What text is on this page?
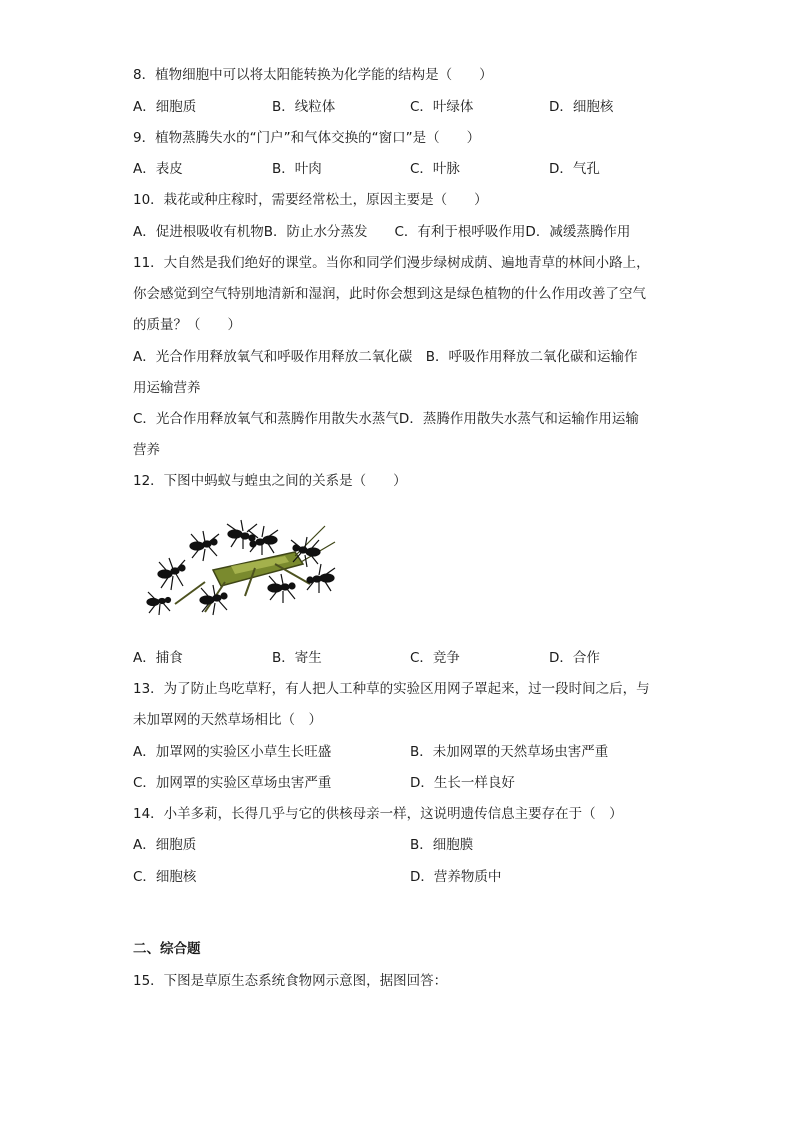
8．植物细胞中可以将太阳能转换为化学能的结构是（　　）
A．细胞质	B．线粒体	C．叶绿体	D．细胞核
9．植物蒸腾失水的“门户”和气体交换的“窗口”是（　　）
A．表皮	B．叶肉	C．叶脉	D．气孔
10．栽花或种庄稼时，需要经常松土，原因主要是（　　）
A．促进根吸收有机物B．防止水分蒸发　　C．有利于根呼吸作用D．减缓蒸腾作用
11．大自然是我们绝好的课堂。当你和同学们漫步绿树成荫、遍地青草的林间小路上，
你会感觉到空气特别地清新和湿润，此时你会想到这是绿色植物的什么作用改善了空气
的质量？（　　）
A．光合作用释放氧气和呼吸作用释放二氧化碳　B．呼吸作用释放二氧化碳和运输作
用运输营养
C．光合作用释放氧气和蒸腾作用散失水蒸气D．蒸腾作用散失水蒸气和运输作用运输
营养
12．下图中蚂蚁与蝗虫之间的关系是（　　）
A．捕食	B．寄生	C．竞争	D．合作
13．为了防止鸟吃草籽，有人把人工种草的实验区用网子罩起来，过一段时间之后，与
未加罩网的天然草场相比（　）
A．加罩网的实验区小草生长旺盛	B．未加网罩的天然草场虫害严重
C．加网罩的实验区草场虫害严重	D．生长一样良好
14．小羊多莉，长得几乎与它的供核母亲一样，这说明遗传信息主要存在于（　）
A．细胞质	B．细胞膜
C．细胞核	D．营养物质中
二、综合题
15．下图是草原生态系统食物网示意图，据图回答：
